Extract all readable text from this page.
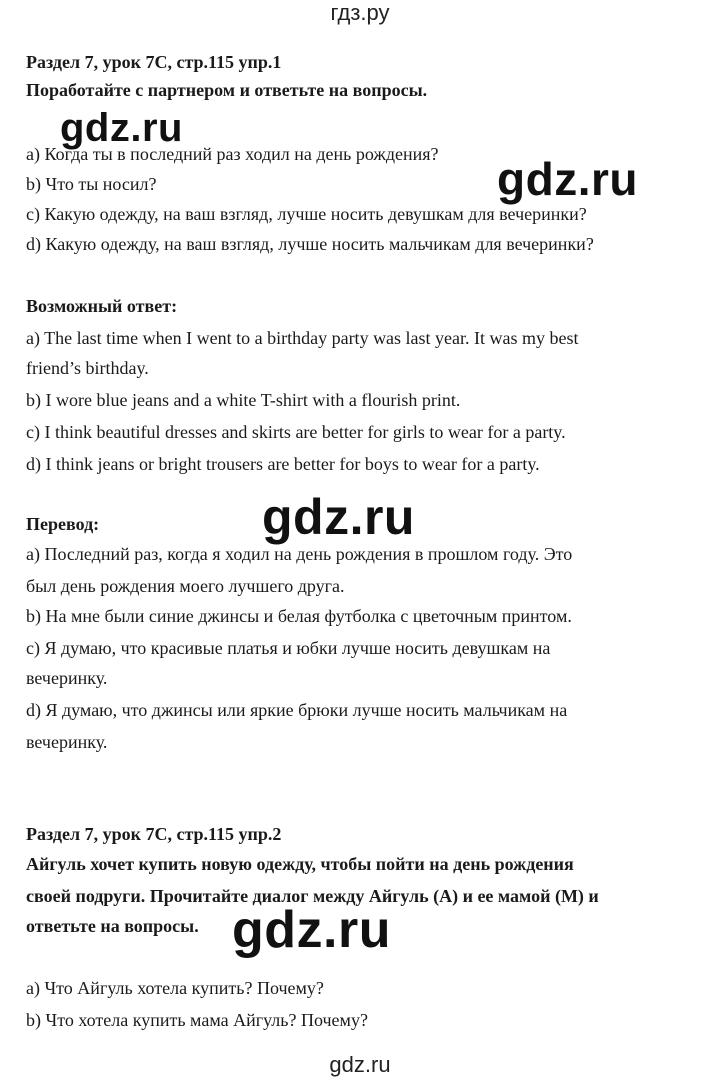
гдз.ру
Раздел 7, урок 7C, стр.115 упр.1
Поработайте с партнером и ответьте на вопросы.
a) Когда ты в последний раз ходил на день рождения?
b) Что ты носил?
c) Какую одежду, на ваш взгляд, лучше носить девушкам для вечеринки?
d) Какую одежду, на ваш взгляд, лучше носить мальчикам для вечеринки?
Возможный ответ:
a) The last time when I went to a birthday party was last year. It was my best
friend’s birthday.
b) I wore blue jeans and a white T-shirt with a flourish print.
c) I think beautiful dresses and skirts are better for girls to wear for a party.
d) I think jeans or bright trousers are better for boys to wear for a party.
Перевод:
a) Последний раз, когда я ходил на день рождения в прошлом году. Это
был день рождения моего лучшего друга.
b) На мне были синие джинсы и белая футболка с цветочным принтом.
c) Я думаю, что красивые платья и юбки лучше носить девушкам на
вечеринку.
d) Я думаю, что джинсы или яркие брюки лучше носить мальчикам на
вечеринку.
Раздел 7, урок 7C, стр.115 упр.2
Айгуль хочет купить новую одежду, чтобы пойти на день рождения
своей подруги. Прочитайте диалог между Айгуль (A) и ее мамой (M) и
ответьте на вопросы.
a) Что Айгуль хотела купить? Почему?
b) Что хотела купить мама Айгуль? Почему?
gdz.ru
gdz.ru
gdz.ru
gdz.ru
gdz.ru
